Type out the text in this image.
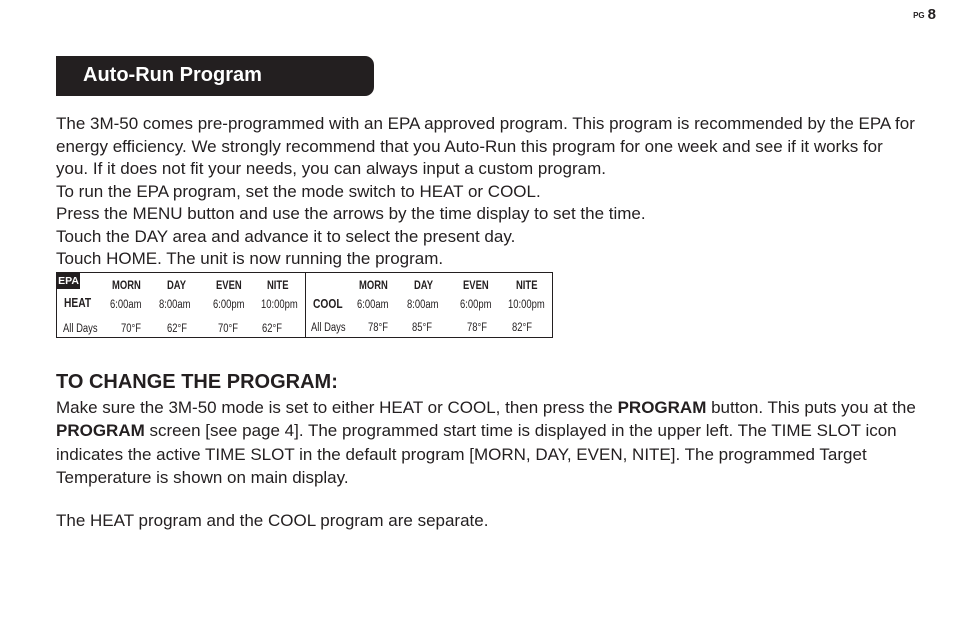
PG 8
Auto-Run Program

The 3M-50 comes pre-programmed with an EPA approved program. This program is recommended by the EPA for energy efficiency. We strongly recommend that you Auto-Run this program for one week and see if it works for you. If it does not fit your needs, you can always input a custom program.

To run the EPA program, set the mode switch to HEAT or COOL.

Press the MENU button and use the arrows by the time display to set the time.

Touch the DAY area and advance it to select the present day.

Touch HOME. The unit is now running the program.

EPA
HEAT
MORN DAY	EVEN NITE
6:00am 8:00am 6:00pm 10:00pm
All Days 70°F 62°F	70°F 62°F
COOL
MORN DAY	EVEN NITE
6:00am 8:00am 6:00pm 10:00pm
All Days 78°F 85°F	78°F 82°F
TO CHANGE THE PROGRAM:

Make sure the 3M-50 mode is set to either HEAT or COOL, then press the PROGRAM button. This puts you at the PROGRAM screen [see page 4]. The programmed start time is displayed in the upper left. The TIME SLOT icon indicates the active TIME SLOT in the default program [MORN, DAY, EVEN, NITE]. The programmed Target Temperature is shown on main display.

The HEAT program and the COOL program are separate.
